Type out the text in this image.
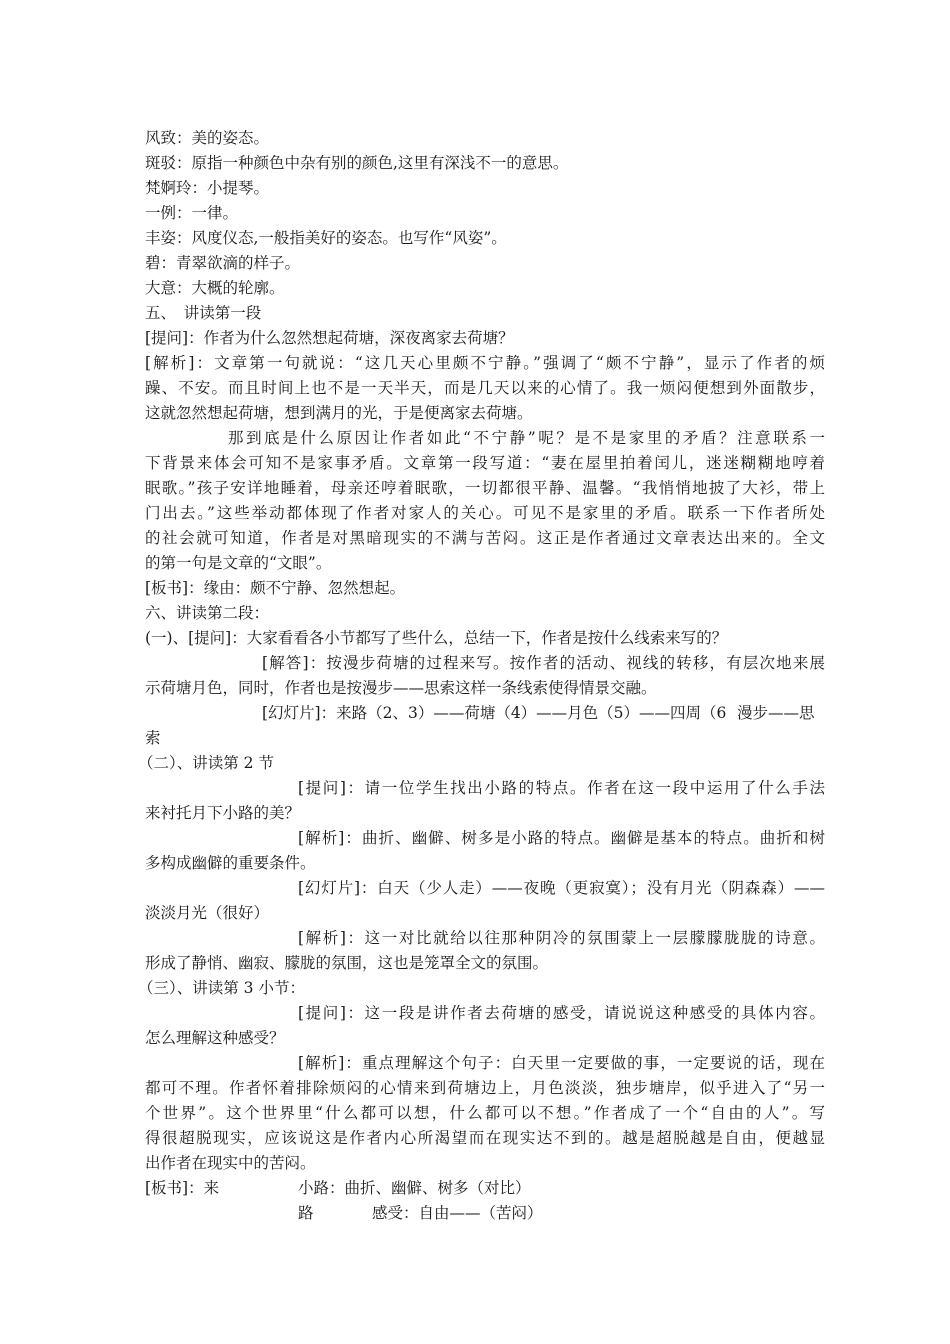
风致：美的姿态。
斑驳：原指一种颜色中杂有别的颜色,这里有深浅不一的意思。
梵婀玲：小提琴。
一例：一律。
丰姿：风度仪态,一般指美好的姿态。也写作“风姿”。
碧：青翠欲滴的样子。
大意：大概的轮廓。
五、　讲读第一段
[提问]：作者为什么忽然想起荷塘，深夜离家去荷塘？
[解析]：文章第一句就说：“这几天心里颇不宁静。”强调了“颇不宁静”，显示了作者的烦
躁、不安。而且时间上也不是一天半天，而是几天以来的心情了。我一烦闷便想到外面散步，
这就忽然想起荷塘，想到满月的光，于是便离家去荷塘。
那到底是什么原因让作者如此“不宁静”呢？是不是家里的矛盾？注意联系一
下背景来体会可知不是家事矛盾。文章第一段写道：“妻在屋里拍着闰儿，迷迷糊糊地哼着
眠歌。”孩子安详地睡着，母亲还哼着眠歌，一切都很平静、温馨。“我悄悄地披了大衫，带上
门出去。”这些举动都体现了作者对家人的关心。可见不是家里的矛盾。联系一下作者所处
的社会就可知道，作者是对黑暗现实的不满与苦闷。这正是作者通过文章表达出来的。全文
的第一句是文章的“文眼”。
[板书]：缘由：颇不宁静、忽然想起。
六、讲读第二段：
(一)、[提问]：大家看看各小节都写了些什么，总结一下，作者是按什么线索来写的？
[解答]：按漫步荷塘的过程来写。按作者的活动、视线的转移，有层次地来展
示荷塘月色，同时，作者也是按漫步——思索这样一条线索使得情景交融。
[幻灯片]：来路（2、3）——荷塘（4）——月色（5）——四周（6 漫步——思
索
（二）、讲读第 2 节
[提问]：请一位学生找出小路的特点。作者在这一段中运用了什么手法
来衬托月下小路的美？
[解析]：曲折、幽僻、树多是小路的特点。幽僻是基本的特点。曲折和树
多构成幽僻的重要条件。
[幻灯片]：白天（少人走）——夜晚（更寂寞）；没有月光（阴森森）——
淡淡月光（很好）
[解析]：这一对比就给以往那种阴冷的氛围蒙上一层朦朦胧胧的诗意。
形成了静悄、幽寂、朦胧的氛围，这也是笼罩全文的氛围。
（三）、讲读第 3 小节：
[提问]：这一段是讲作者去荷塘的感受，请说说这种感受的具体内容。
怎么理解这种感受？
[解析]：重点理解这个句子：白天里一定要做的事，一定要说的话，现在
都可不理。作者怀着排除烦闷的心情来到荷塘边上，月色淡淡，独步塘岸，似乎进入了“另一
个世界”。这个世界里“什么都可以想，什么都可以不想。”作者成了一个“自由的人”。写
得很超脱现实，应该说这是作者内心所渴望而在现实达不到的。越是超脱越是自由，便越显
出作者在现实中的苦闷。
[板书]：来	小路：曲折、幽僻、树多（对比）
路	感受：自由——（苦闷）
